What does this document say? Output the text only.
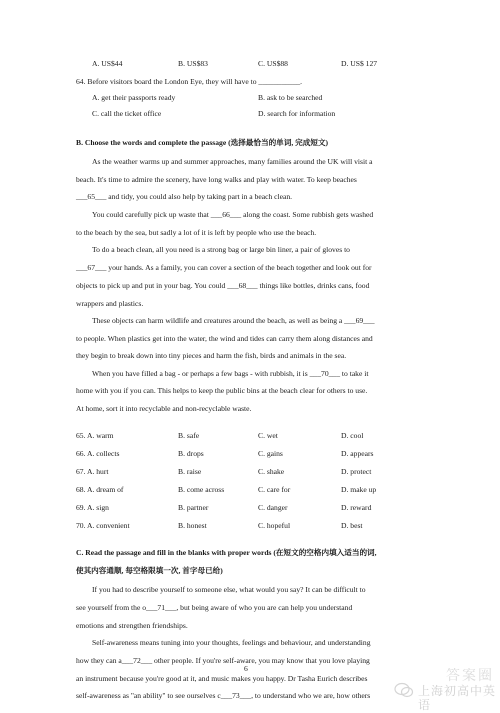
A. US$44	B. US$83	C. US$88	D. US$ 127
64. Before visitors board the London Eye, they will have to ___________.
A. get their passports ready	B. ask to be searched
C. call the ticket office	D. search for information
B. Choose the words and complete the passage (选择最恰当的单词, 完成短文)
As the weather warms up and summer approaches, many families around the UK will visit a
beach. It's time to admire the scenery, have long walks and play with water. To keep beaches
___65___ and tidy, you could also help by taking part in a beach clean.
You could carefully pick up waste that ___66___ along the coast. Some rubbish gets washed
to the beach by the sea, but sadly a lot of it is left by people who use the beach.
To do a beach clean, all you need is a strong bag or large bin liner, a pair of gloves to
___67___ your hands. As a family, you can cover a section of the beach together and look out for
objects to pick up and put in your bag. You could ___68___ things like bottles, drinks cans, food
wrappers and plastics.
These objects can harm wildlife and creatures around the beach, as well as being a ___69___
to people. When plastics get into the water, the wind and tides can carry them along distances and
they begin to break down into tiny pieces and harm the fish, birds and animals in the sea.
When you have filled a bag - or perhaps a few bags - with rubbish, it is ___70___ to take it
home with you if you can. This helps to keep the public bins at the beach clear for others to use.
At home, sort it into recyclable and non-recyclable waste.
65. A. warm	B. safe	C. wet	D. cool
66. A. collects	B. drops	C. gains	D. appears
67. A. hurt	B. raise	C. shake	D. protect
68. A. dream of	B. come across	C. care for	D. make up
69. A. sign	B. partner	C. danger	D. reward
70. A. convenient	B. honest	C. hopeful	D. best
C. Read the passage and fill in the blanks with proper words (在短文的空格内填入适当的词,
使其内容通顺, 每空格限填一次, 首字母已给)
If you had to describe yourself to someone else, what would you say? It can be difficult to
see yourself from the o___71___, but being aware of who you are can help you understand
emotions and strengthen friendships.
Self-awareness means tuning into your thoughts, feelings and behaviour, and understanding
how they can a___72___ other people. If you're self-aware, you may know that you love playing
an instrument because you're good at it, and music makes you happy. Dr Tasha Eurich describes
self-awareness as "an ability" to see ourselves c___73___, to understand who we are, how others
6	答案圈
上海初高中英语
